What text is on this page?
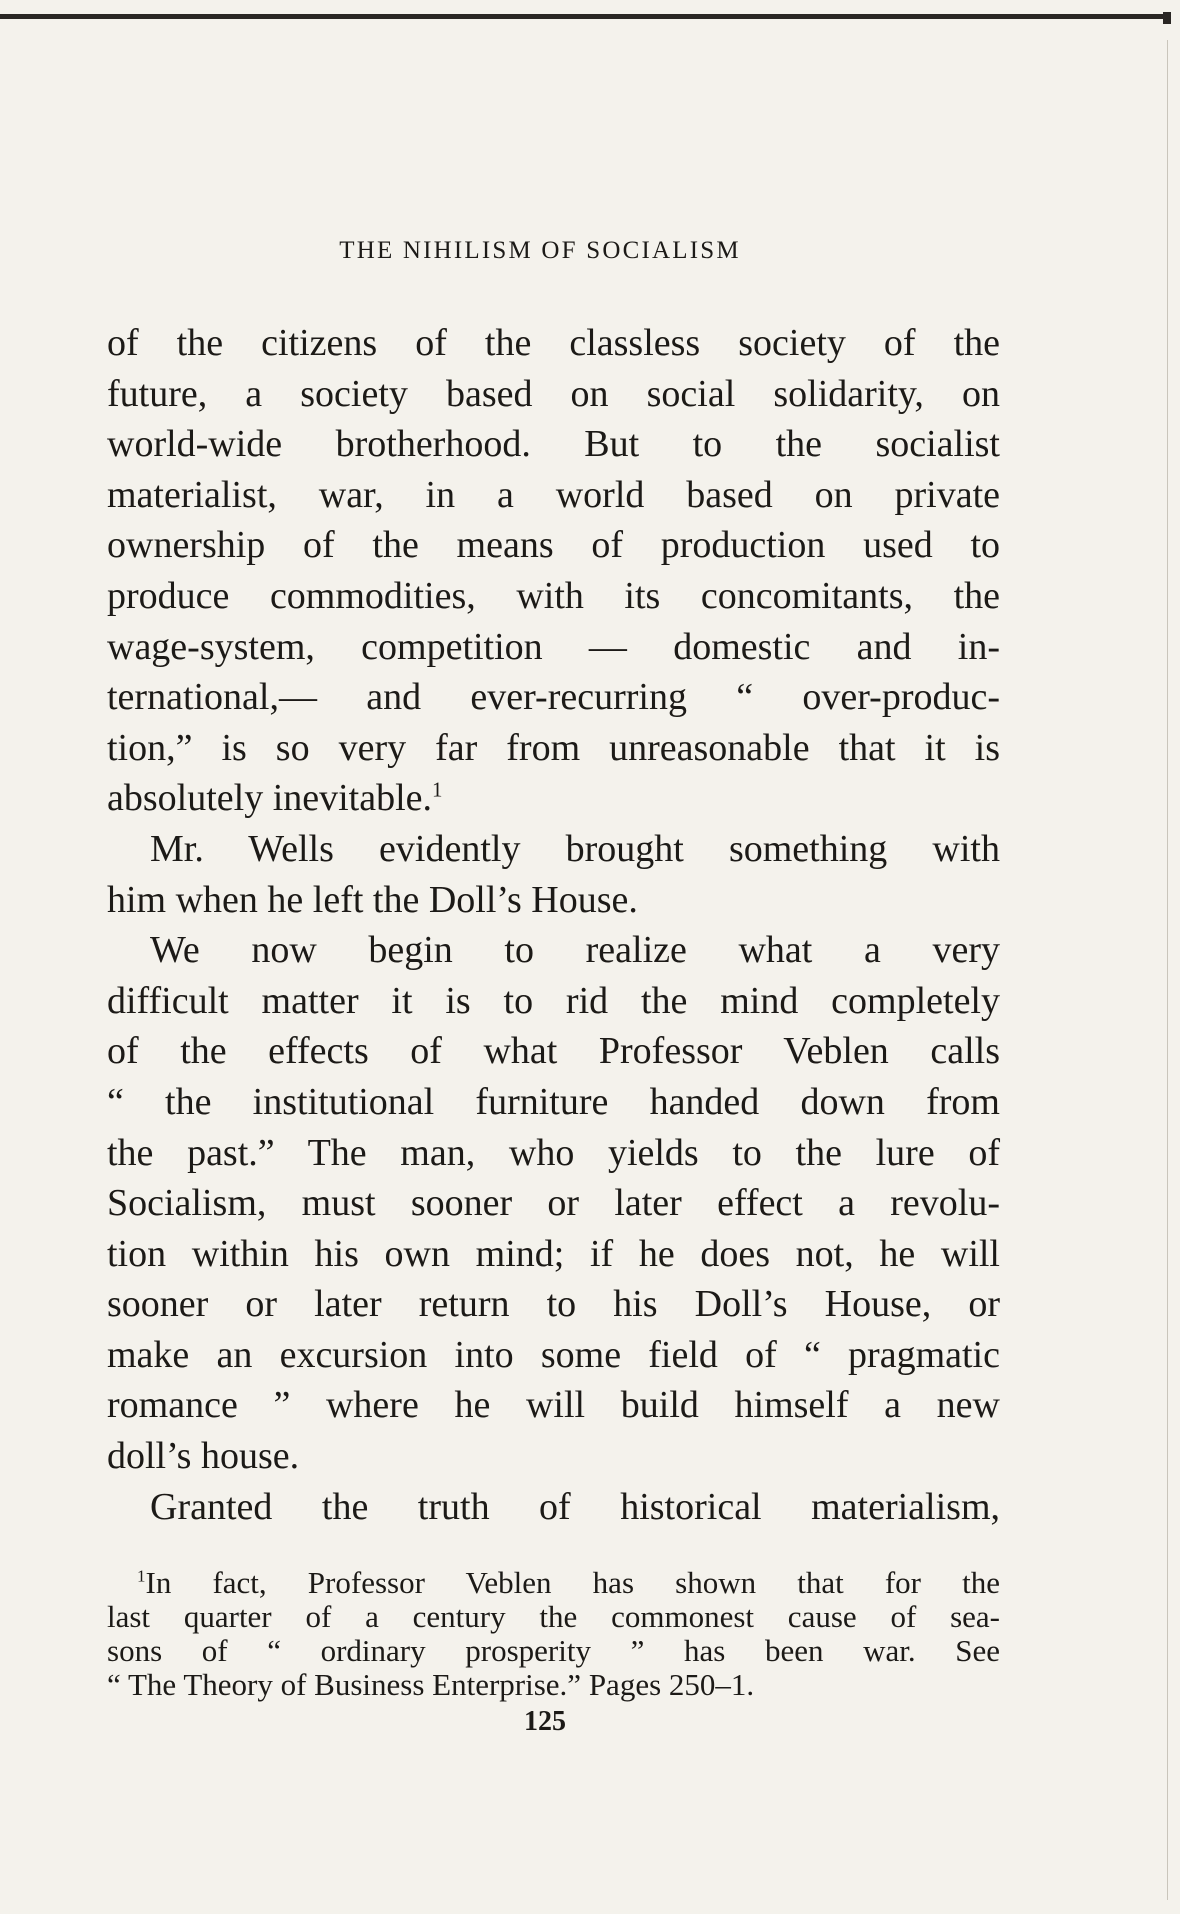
THE NIHILISM OF SOCIALISM
of the citizens of the classless society of the
future, a society based on social solidarity, on
world-wide brotherhood. But to the socialist
materialist, war, in a world based on private
ownership of the means of production used to
produce commodities, with its concomitants, the
wage-system, competition — domestic and in-
ternational,— and ever-recurring “ over-produc-
tion,” is so very far from unreasonable that it is
absolutely inevitable.$^1$
Mr. Wells evidently brought something with
him when he left the Doll’s House.
We now begin to realize what a very
difficult matter it is to rid the mind completely
of the effects of what Professor Veblen calls
“ the institutional furniture handed down from
the past.” The man, who yields to the lure of
Socialism, must sooner or later effect a revolu-
tion within his own mind; if he does not, he will
sooner or later return to his Doll’s House, or
make an excursion into some field of “ pragmatic
romance ” where he will build himself a new
doll’s house.
Granted the truth of historical materialism,
$^1$In fact, Professor Veblen has shown that for the
last quarter of a century the commonest cause of sea-
sons of “ ordinary prosperity ” has been war. See
“ The Theory of Business Enterprise.” Pages 250–1.
125
